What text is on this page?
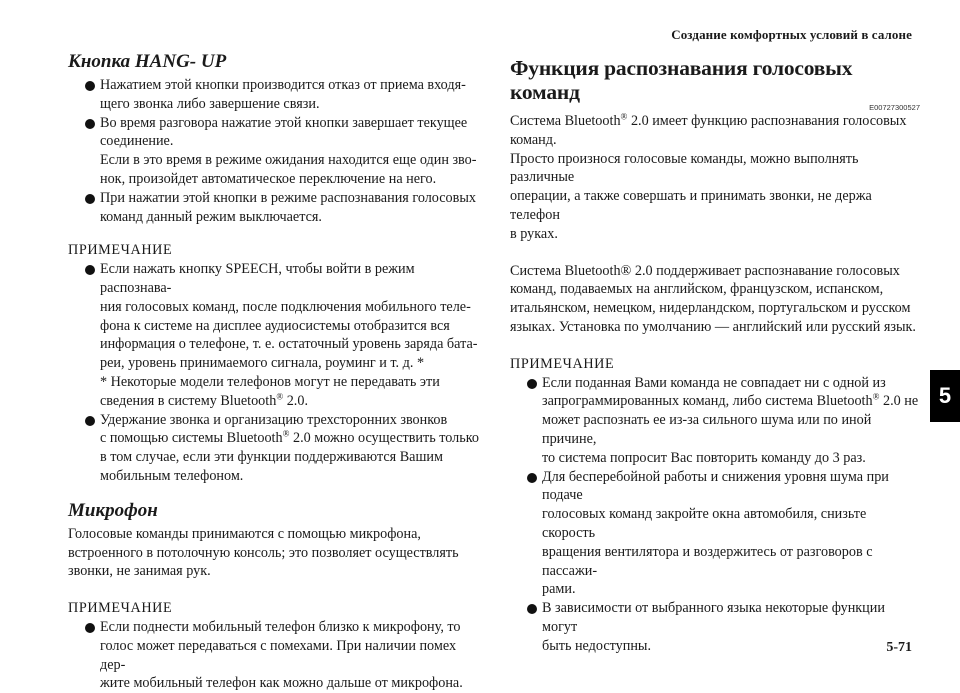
Создание комфортных условий в салоне
5-71
5
Кнопка HANG- UP
Нажатием этой кнопки производится отказ от приема входя-
щего звонка либо завершение связи.
Во время разговора нажатие этой кнопки завершает текущее
соединение.
Если в это время в режиме ожидания находится еще один зво-
нок, произойдет автоматическое переключение на него.
При нажатии этой кнопки в режиме распознавания голосовых
команд данный режим выключается.
ПРИМЕЧАНИЕ
Если нажать кнопку SPEECH, чтобы войти в режим распознава-
ния голосовых команд, после подключения мобильного теле-
фона к системе на дисплее аудиосистемы отобразится вся
информация о телефоне, т. е. остаточный уровень заряда бата-
реи, уровень принимаемого сигнала, роуминг и т. д. *
* Некоторые модели телефонов могут не передавать эти
сведения в систему Bluetooth® 2.0.
Удержание звонка и организацию трехсторонних звонков
с помощью системы Bluetooth® 2.0 можно осуществить только
в том случае, если эти функции поддерживаются Вашим
мобильным телефоном.
Микрофон
Голосовые команды принимаются с помощью микрофона,
встроенного в потолочную консоль; это позволяет осуществлять
звонки, не занимая рук.
ПРИМЕЧАНИЕ
Если поднести мобильный телефон близко к микрофону, то
голос может передаваться с помехами. При наличии помех дер-
жите мобильный телефон как можно дальше от микрофона.
Функция распознавания голосовых команд
E00727300527
Система Bluetooth® 2.0 имеет функцию распознавания голосовых
команд.
Просто произнося голосовые команды, можно выполнять различные
операции, а также совершать и принимать звонки, не держа телефон
в руках.
Система Bluetooth® 2.0 поддерживает распознавание голосовых
команд, подаваемых на английском, французском, испанском,
итальянском, немецком, нидерландском, португальском и русском
языках. Установка по умолчанию — английский или русский язык.
ПРИМЕЧАНИЕ
Если поданная Вами команда не совпадает ни с одной из
запрограммированных команд, либо система Bluetooth® 2.0 не
может распознать ее из-за сильного шума или по иной причине,
то система попросит Вас повторить команду до 3 раз.
Для бесперебойной работы и снижения уровня шума при подаче
голосовых команд закройте окна автомобиля, снизьте скорость
вращения вентилятора и воздержитесь от разговоров с пассажи-
рами.
В зависимости от выбранного языка некоторые функции могут
быть недоступны.
